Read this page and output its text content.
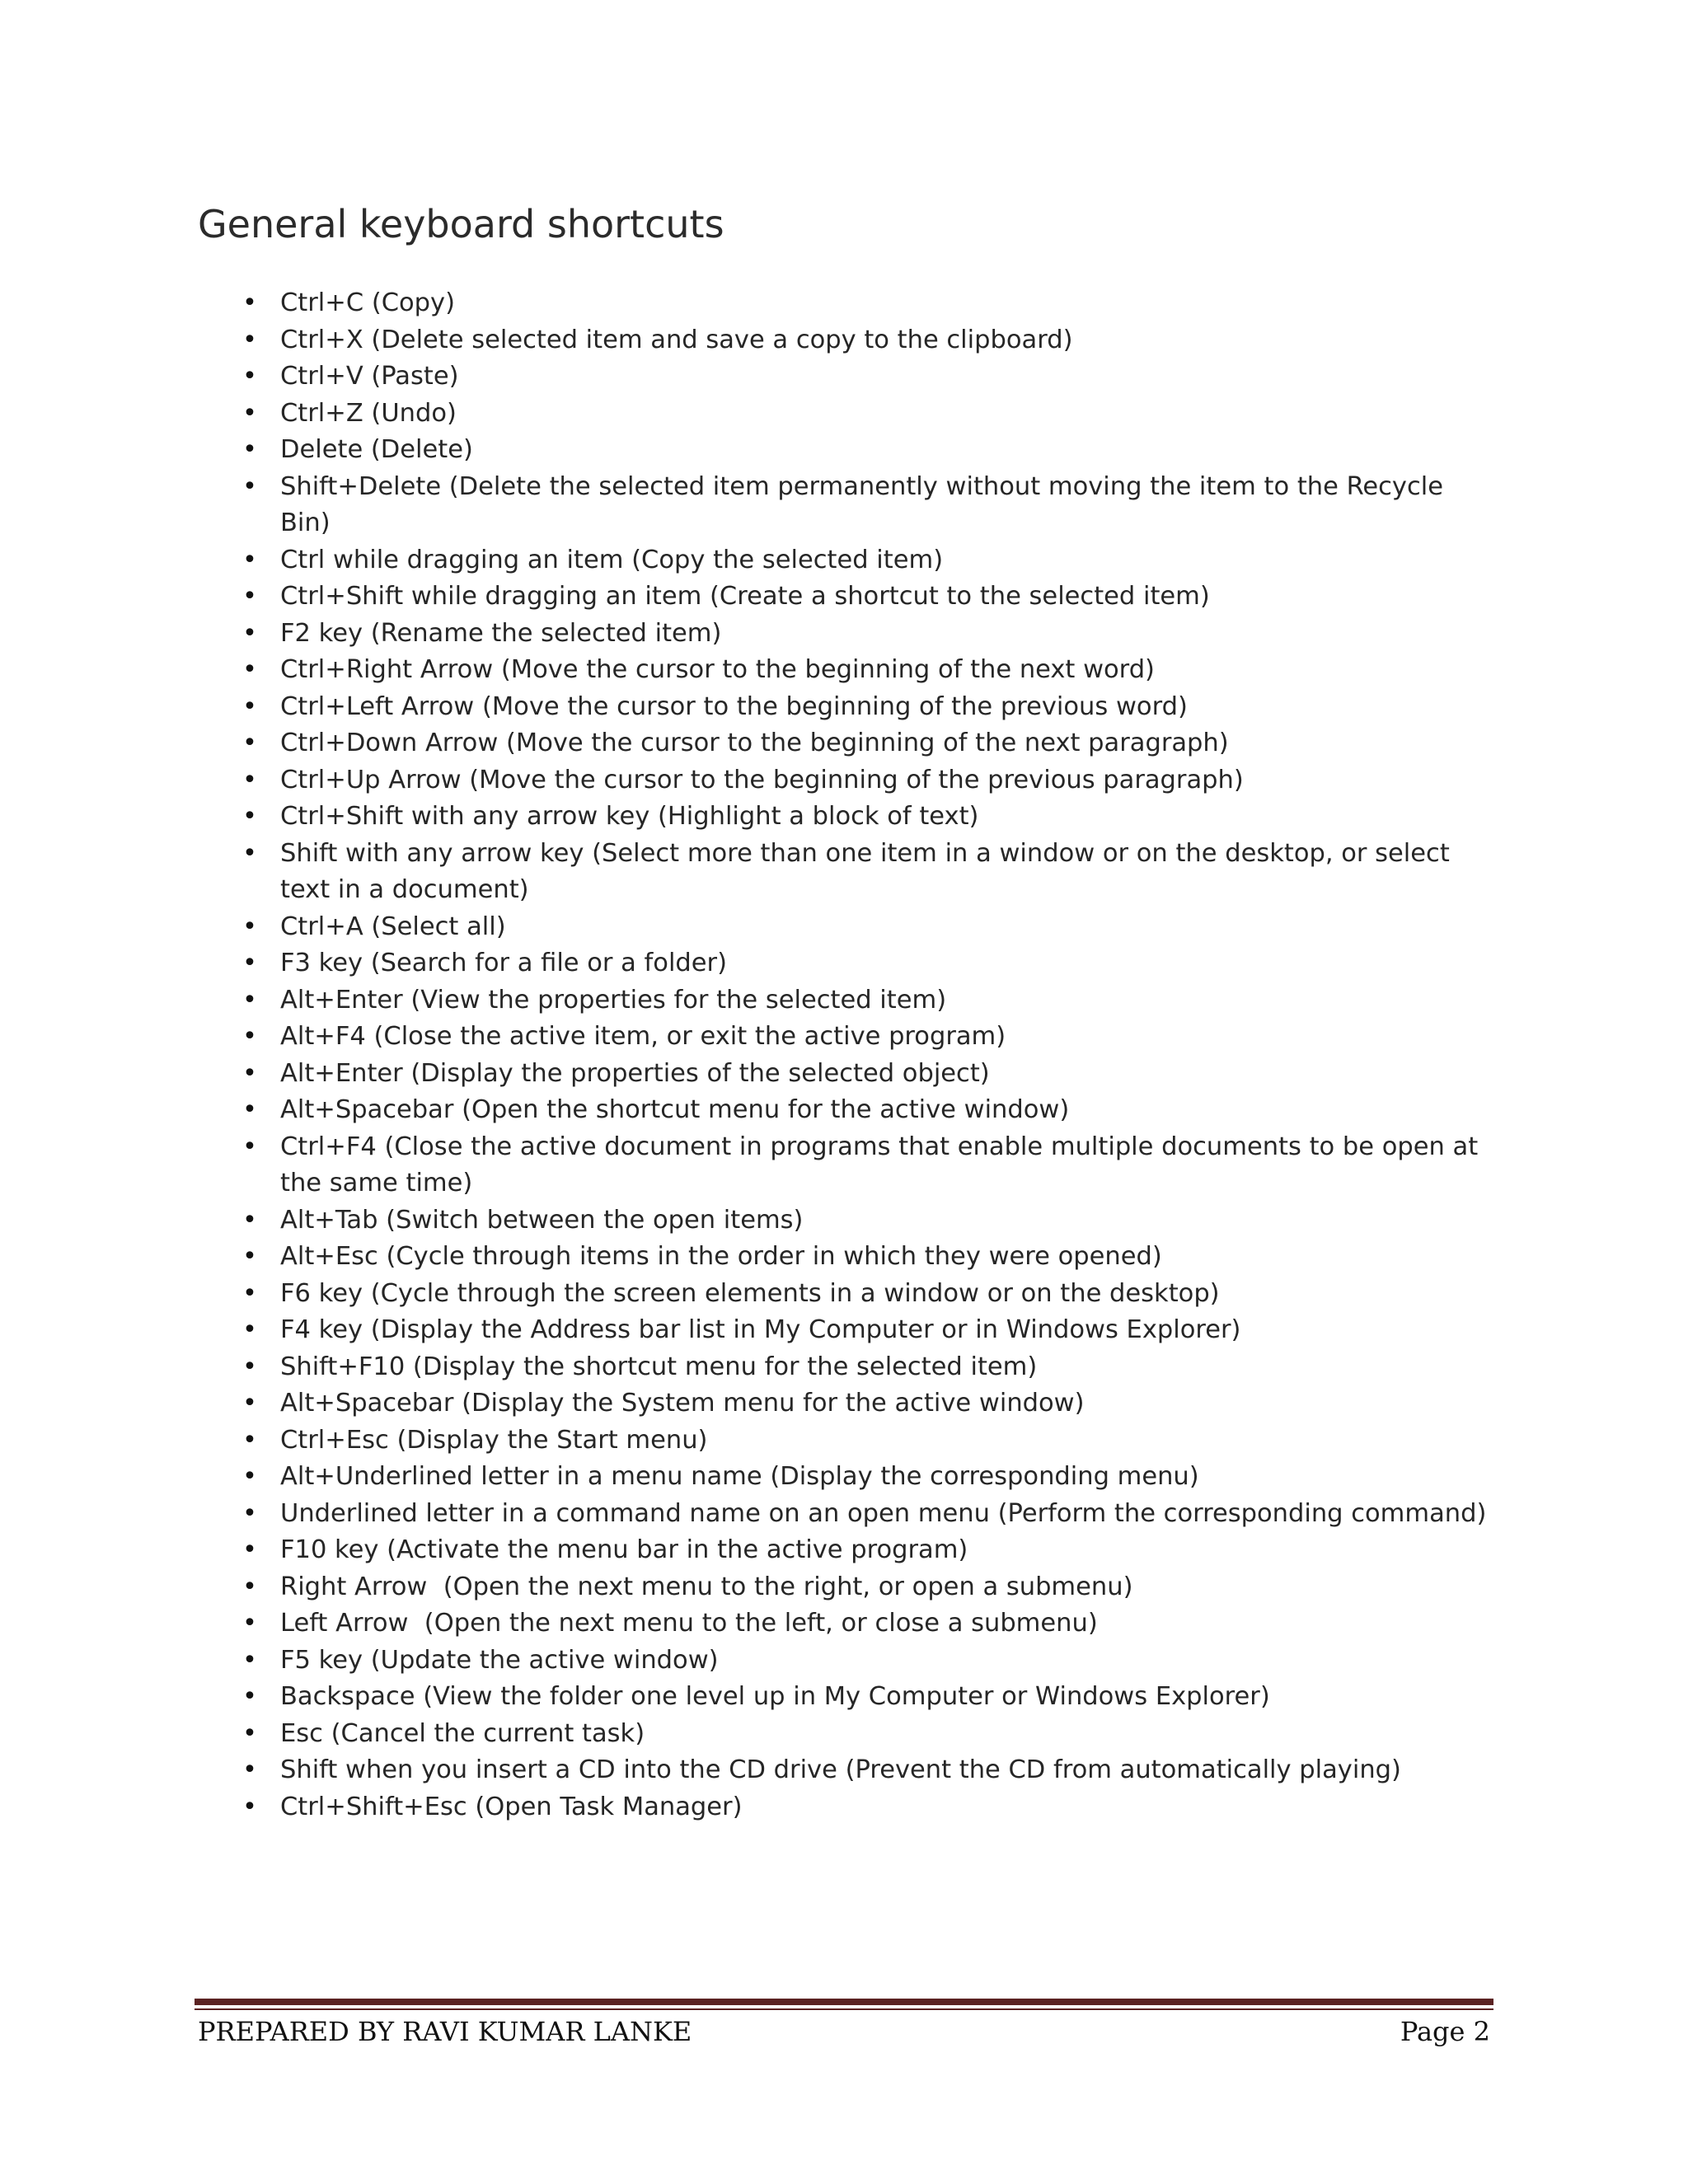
General keyboard shortcuts
• Ctrl+C (Copy)
• Ctrl+X (Delete selected item and save a copy to the clipboard)
• Ctrl+V (Paste)
• Ctrl+Z (Undo)
• Delete (Delete)
• Shift+Delete (Delete the selected item permanently without moving the item to the Recycle Bin)
• Ctrl while dragging an item (Copy the selected item)
• Ctrl+Shift while dragging an item (Create a shortcut to the selected item)
• F2 key (Rename the selected item)
• Ctrl+Right Arrow (Move the cursor to the beginning of the next word)
• Ctrl+Left Arrow (Move the cursor to the beginning of the previous word)
• Ctrl+Down Arrow (Move the cursor to the beginning of the next paragraph)
• Ctrl+Up Arrow (Move the cursor to the beginning of the previous paragraph)
• Ctrl+Shift with any arrow key (Highlight a block of text)
• Shift with any arrow key (Select more than one item in a window or on the desktop, or select text in a document)
• Ctrl+A (Select all)
• F3 key (Search for a file or a folder)
• Alt+Enter (View the properties for the selected item)
• Alt+F4 (Close the active item, or exit the active program)
• Alt+Enter (Display the properties of the selected object)
• Alt+Spacebar (Open the shortcut menu for the active window)
• Ctrl+F4 (Close the active document in programs that enable multiple documents to be open at the same time)
• Alt+Tab (Switch between the open items)
• Alt+Esc (Cycle through items in the order in which they were opened)
• F6 key (Cycle through the screen elements in a window or on the desktop)
• F4 key (Display the Address bar list in My Computer or in Windows Explorer)
• Shift+F10 (Display the shortcut menu for the selected item)
• Alt+Spacebar (Display the System menu for the active window)
• Ctrl+Esc (Display the Start menu)
• Alt+Underlined letter in a menu name (Display the corresponding menu)
• Underlined letter in a command name on an open menu (Perform the corresponding command)
• F10 key (Activate the menu bar in the active program)
• Right Arrow  (Open the next menu to the right, or open a submenu)
• Left Arrow  (Open the next menu to the left, or close a submenu)
• F5 key (Update the active window)
• Backspace (View the folder one level up in My Computer or Windows Explorer)
• Esc (Cancel the current task)
• Shift when you insert a CD into the CD drive (Prevent the CD from automatically playing)
• Ctrl+Shift+Esc (Open Task Manager)
PREPARED BY RAVI KUMAR LANKE	Page 2
